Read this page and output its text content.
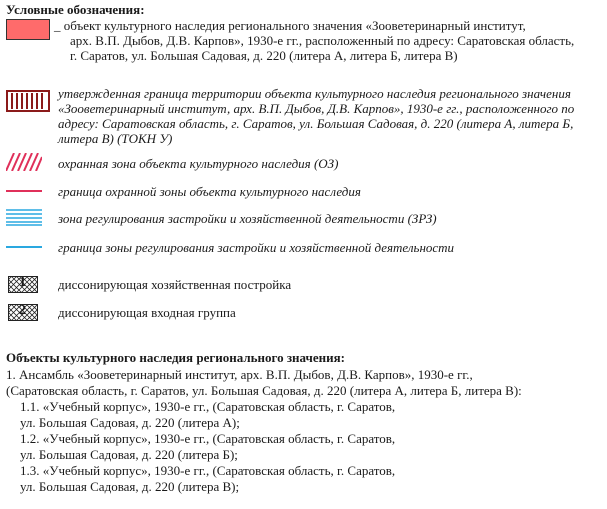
Условные обозначения:
_ объект культурного наследия регионального значения «Зооветеринарный институт,
арх. В.П. Дыбов, Д.В. Карпов», 1930-е гг., расположенный по адресу: Саратовская область,
г. Саратов, ул. Большая Садовая, д. 220 (литера А, литера Б, литера В)
утвержденная граница территории объекта культурного наследия регионального значения
«Зооветеринарный институт, арх. В.П. Дыбов, Д.В. Карпов», 1930-е гг., расположенного по
адресу: Саратовская область, г. Саратов, ул. Большая Садовая, д. 220 (литера А, литера Б,
литера В) (ТОКН У)
охранная зона объекта культурного наследия (ОЗ)
граница охранной зоны объекта культурного наследия
зона регулирования застройки и хозяйственной деятельности (ЗРЗ)
граница зоны регулирования застройки и хозяйственной деятельности
1 диссонирующая хозяйственная постройка
2 диссонирующая входная группа
Объекты культурного наследия регионального значения:
1. Ансамбль «Зооветеринарный институт, арх. В.П. Дыбов, Д.В. Карпов», 1930-е гг.,
(Саратовская область, г. Саратов, ул. Большая Садовая, д. 220 (литера А, литера Б, литера В):
1.1. «Учебный корпус», 1930-е гг., (Саратовская область, г. Саратов,
ул. Большая Садовая, д. 220 (литера А);
1.2. «Учебный корпус», 1930-е гг., (Саратовская область, г. Саратов,
ул. Большая Садовая, д. 220 (литера Б);
1.3. «Учебный корпус», 1930-е гг., (Саратовская область, г. Саратов,
ул. Большая Садовая, д. 220 (литера В);
